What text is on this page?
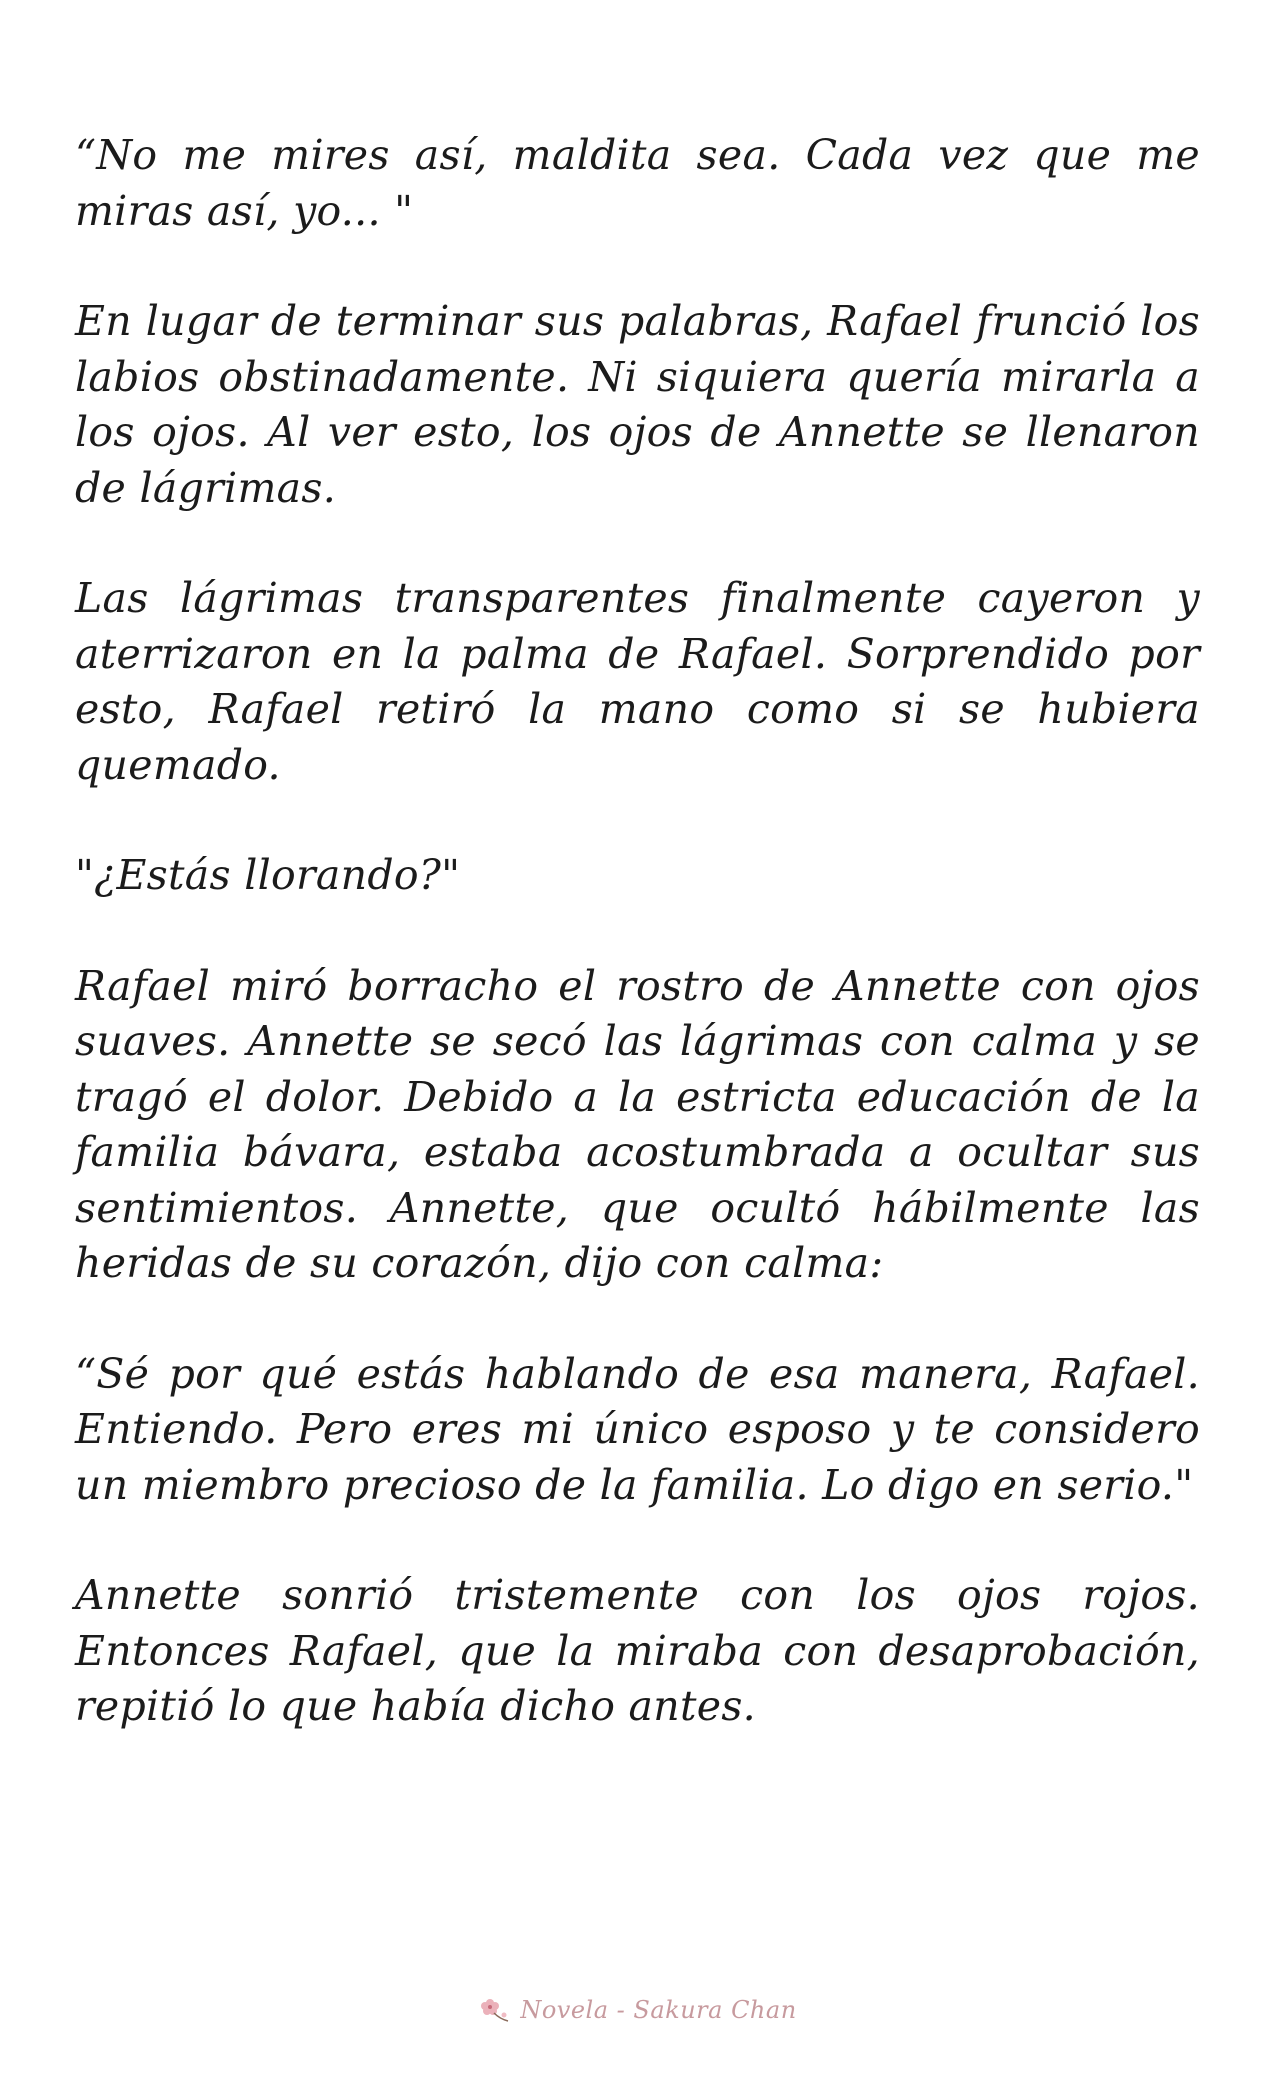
“No me mires así, maldita sea. Cada vez que me miras así, yo... "

En lugar de terminar sus palabras, Rafael frunció los labios obstinadamente. Ni siquiera quería mirarla a los ojos. Al ver esto, los ojos de Annette se llenaron de lágrimas.

Las lágrimas transparentes finalmente cayeron y aterrizaron en la palma de Rafael. Sorprendido por esto, Rafael retiró la mano como si se hubiera quemado.

"¿Estás llorando?"

Rafael miró borracho el rostro de Annette con ojos suaves. Annette se secó las lágrimas con calma y se tragó el dolor. Debido a la estricta educación de la familia bávara, estaba acostumbrada a ocultar sus sentimientos. Annette, que ocultó hábilmente las heridas de su corazón, dijo con calma:

“Sé por qué estás hablando de esa manera, Rafael. Entiendo. Pero eres mi único esposo y te considero un miembro precioso de la familia. Lo digo en serio."

Annette sonrió tristemente con los ojos rojos. Entonces Rafael, que la miraba con desaprobación, repitió lo que había dicho antes.

Novela - Sakura Chan
